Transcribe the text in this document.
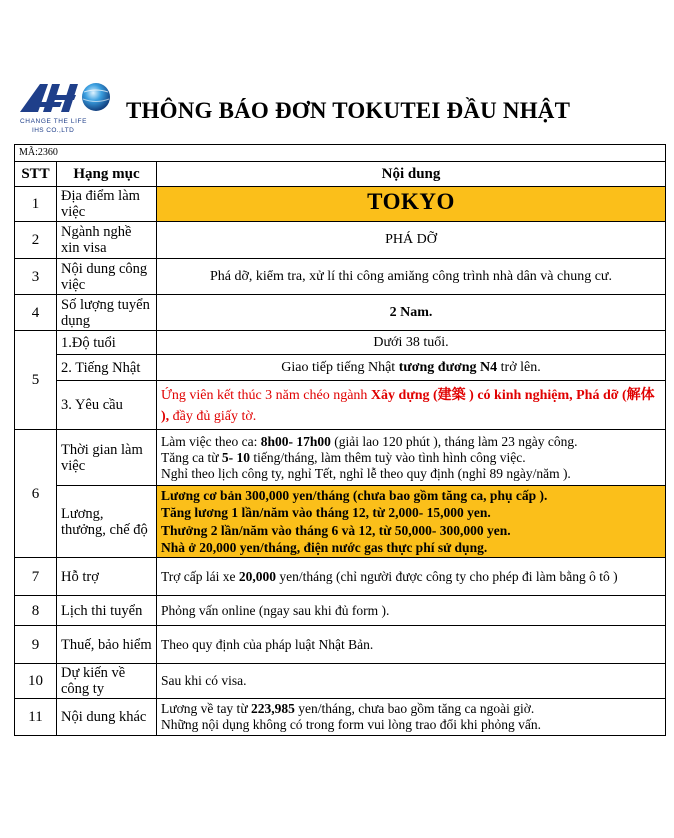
CHANGE THE LIFE
IHS CO.,LTD
THÔNG BÁO ĐƠN TOKUTEI ĐẦU NHẬT
MÃ:2360		
STT	Hạng mục	Nội dung
1	Địa điểm làm việc	TOKYO
2	Ngành nghề xin visa	PHÁ DỠ
3	Nội dung công việc	Phá dỡ, kiểm tra, xử lí thi công amiăng công trình nhà dân và chung cư.
4	Số lượng tuyển dụng	2 Nam.
5	1.Độ tuổi	Dưới 38 tuổi.
	2. Tiếng Nhật	Giao tiếp tiếng Nhật tương đương N4 trở lên.
	3. Yêu cầu	Ứng viên kết thúc 3 năm chéo ngành Xây dựng (建築 ) có kinh nghiệm, Phá dỡ (解体 ), đầy đủ giấy tờ.
6	Thời gian làm việc	Làm việc theo ca: 8h00- 17h00 (giải lao 120 phút ), tháng làm 23 ngày công.
Tăng ca từ 5- 10 tiếng/tháng, làm thêm tuỳ vào tình hình công việc.
Nghỉ theo lịch công ty, nghỉ Tết, nghỉ lễ theo quy định (nghỉ 89 ngày/năm ).

	Lương, thưởng, chế độ	Lương cơ bản 300,000 yen/tháng (chưa bao gồm tăng ca, phụ cấp ).
Tăng lương 1 lần/năm vào tháng 12, từ 2,000- 15,000 yen.
Thưởng 2 lần/năm vào tháng 6 và 12, từ 50,000- 300,000 yen.
Nhà ở 20,000 yen/tháng, điện nước gas thực phí sử dụng.

7	Hỗ trợ	Trợ cấp lái xe 20,000 yen/tháng (chỉ người được công ty cho phép đi làm bằng ô tô )
8	Lịch thi tuyển	Phỏng vấn online (ngay sau khi đủ form ).
9	Thuế, bảo hiểm	Theo quy định của pháp luật Nhật Bản.
10	Dự kiến về công ty	Sau khi có visa.
11	Nội dung khác	Lương về tay từ 223,985 yen/tháng, chưa bao gồm tăng ca ngoài giờ.
Những nội dụng không có trong form vui lòng trao đổi khi phỏng vấn.
